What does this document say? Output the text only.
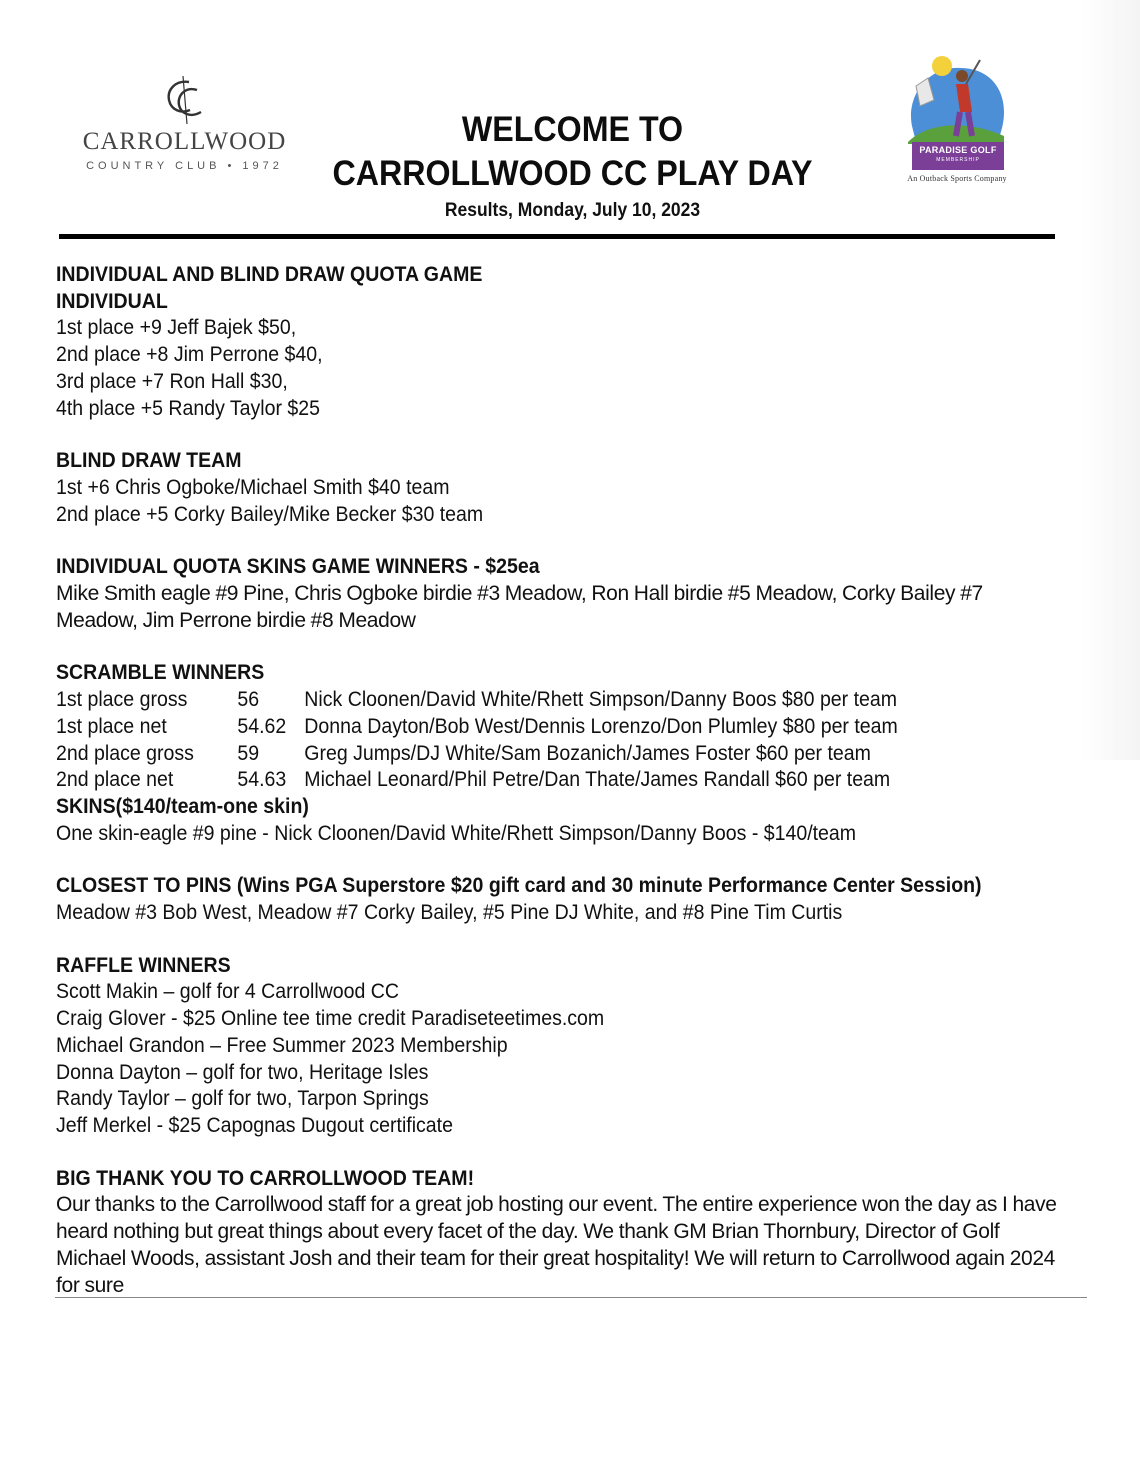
CARROLLWOOD
COUNTRY CLUB • 1972
WELCOME TO
CARROLLWOOD CC PLAY DAY
Results, Monday, July 10, 2023
PARADISE GOLF
MEMBERSHIP
An Outback Sports Company
INDIVIDUAL AND BLIND DRAW QUOTA GAME
INDIVIDUAL
1st place +9 Jeff Bajek $50,
2nd place +8 Jim Perrone $40,
3rd place +7 Ron Hall $30,
4th place +5 Randy Taylor $25
BLIND DRAW TEAM
1st +6 Chris Ogboke/Michael Smith $40 team
2nd place +5 Corky Bailey/Mike Becker $30 team
INDIVIDUAL QUOTA SKINS GAME WINNERS - $25ea
Mike Smith eagle #9 Pine, Chris Ogboke birdie #3 Meadow, Ron Hall birdie #5 Meadow, Corky Bailey #7 Meadow, Jim Perrone birdie #8 Meadow
SCRAMBLE WINNERS
1st place gross	56	Nick Cloonen/David White/Rhett Simpson/Danny Boos $80 per team
1st place net	54.62 Donna Dayton/Bob West/Dennis Lorenzo/Don Plumley $80 per team
2nd place gross	59	Greg Jumps/DJ White/Sam Bozanich/James Foster $60 per team
2nd place net	54.63 Michael Leonard/Phil Petre/Dan Thate/James Randall $60 per team
SKINS($140/team-one skin)
One skin-eagle #9 pine - Nick Cloonen/David White/Rhett Simpson/Danny Boos - $140/team
CLOSEST TO PINS (Wins PGA Superstore $20 gift card and 30 minute Performance Center Session)
Meadow #3 Bob West, Meadow #7 Corky Bailey, #5 Pine DJ White, and #8 Pine Tim Curtis
RAFFLE WINNERS
Scott Makin – golf for 4 Carrollwood CC
Craig Glover - $25 Online tee time credit Paradiseteetimes.com
Michael Grandon – Free Summer 2023 Membership
Donna Dayton – golf for two, Heritage Isles
Randy Taylor – golf for two, Tarpon Springs
Jeff Merkel - $25 Capognas Dugout certificate
BIG THANK YOU TO CARROLLWOOD TEAM!
Our thanks to the Carrollwood staff for a great job hosting our event. The entire experience won the day as I have heard nothing but great things about every facet of the day. We thank GM Brian Thornbury, Director of Golf Michael Woods, assistant Josh and their team for their great hospitality! We will return to Carrollwood again 2024 for sure
